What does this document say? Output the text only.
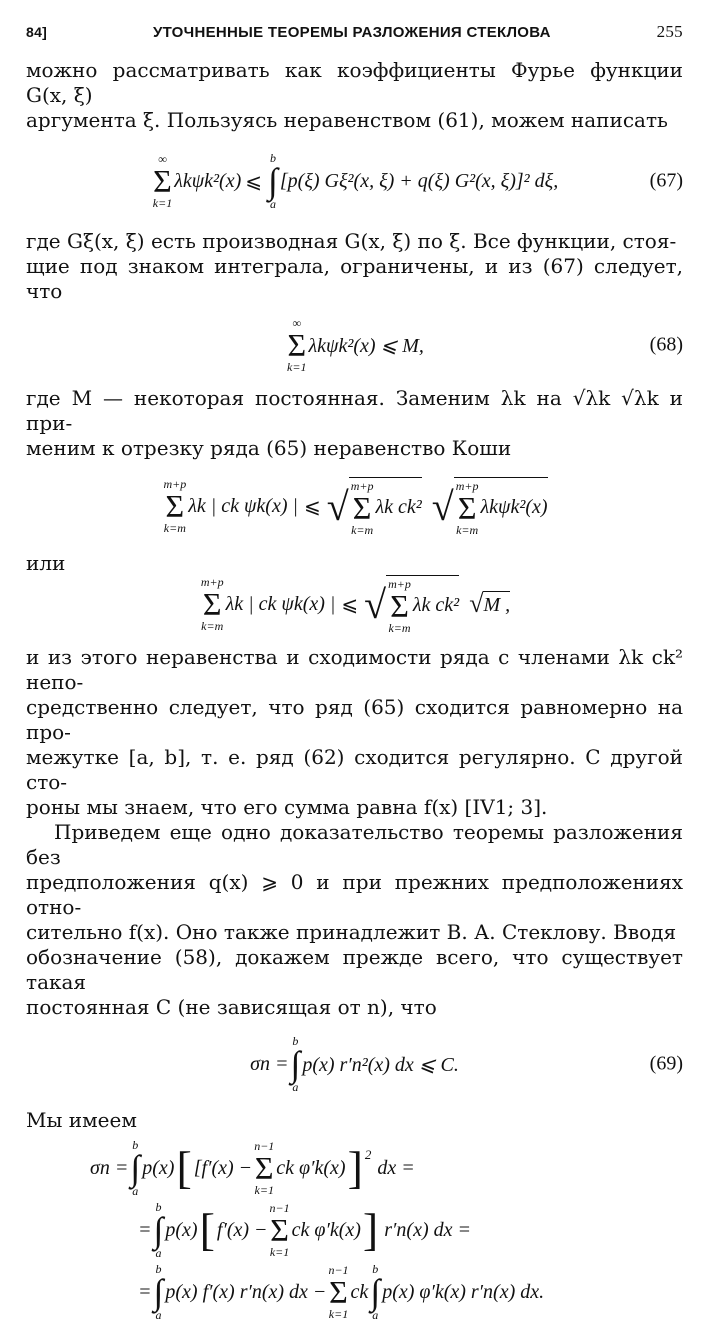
84]	УТОЧНЕННЫЕ ТЕОРЕМЫ РАЗЛОЖЕНИЯ СТЕКЛОВА	255

можно рассматривать как коэффициенты Фурье функции G(x, ξ)
аргумента ξ. Пользуясь неравенством (61), можем написать

∞
Σ
k=1
λkψk²(x) ⩽
b
∫
a
[p(ξ) Gξ²(x, ξ) + q(ξ) G²(x, ξ)]² dξ,	(67)

где Gξ(x, ξ) есть производная G(x, ξ) по ξ. Все функции, стоя-
щие под знаком интеграла, ограничены, и из (67) следует, что

∞
Σ
k=1
λkψk²(x) ⩽ M,	(68)

где M — некоторая постоянная. Заменим λk на √λk √λk и при-
меним к отрезку ряда (65) неравенство Коши

m+p
Σ
k=m
λk | ck ψk(x) | ⩽ √ m+p
Σ
k=m
λk ck² √ m+p
Σ
k=m
λkψk²(x)

или

m+p
Σ
k=m
λk | ck ψk(x) | ⩽ √ m+p
Σ
k=m
λk ck² √ M ,

и из этого неравенства и сходимости ряда с членами λk ck² непо-
средственно следует, что ряд (65) сходится равномерно на про-
межутке [a, b], т. е. ряд (62) сходится регулярно. С другой сто-
роны мы знаем, что его сумма равна f(x) [IV1; 3].

Приведем еще одно доказательство теоремы разложения без
предположения q(x) ⩾ 0 и при прежних предположениях отно-
сительно f(x). Оно также принадлежит В. А. Стеклову. Вводя
обозначение (58), докажем прежде всего, что существует такая
постоянная C (не зависящая от n), что

σn =
b
∫
a
p(x) r′n²(x) dx ⩽ C.	(69)

Мы имеем

σn =
b
∫
a
p(x) [ [f′(x) −
n−1
Σ
k=1
ck φ′k(x) ]$^2$
dx =
=
b
∫
a
p(x) [ f′(x) −
n−1
Σ
k=1
ck φ′k(x) ] r′n(x) dx =
=
b
∫
a
p(x) f′(x) r′n(x) dx −
n−1
Σ
k=1
ck
b
∫
a
p(x) φ′k(x) r′n(x) dx.
